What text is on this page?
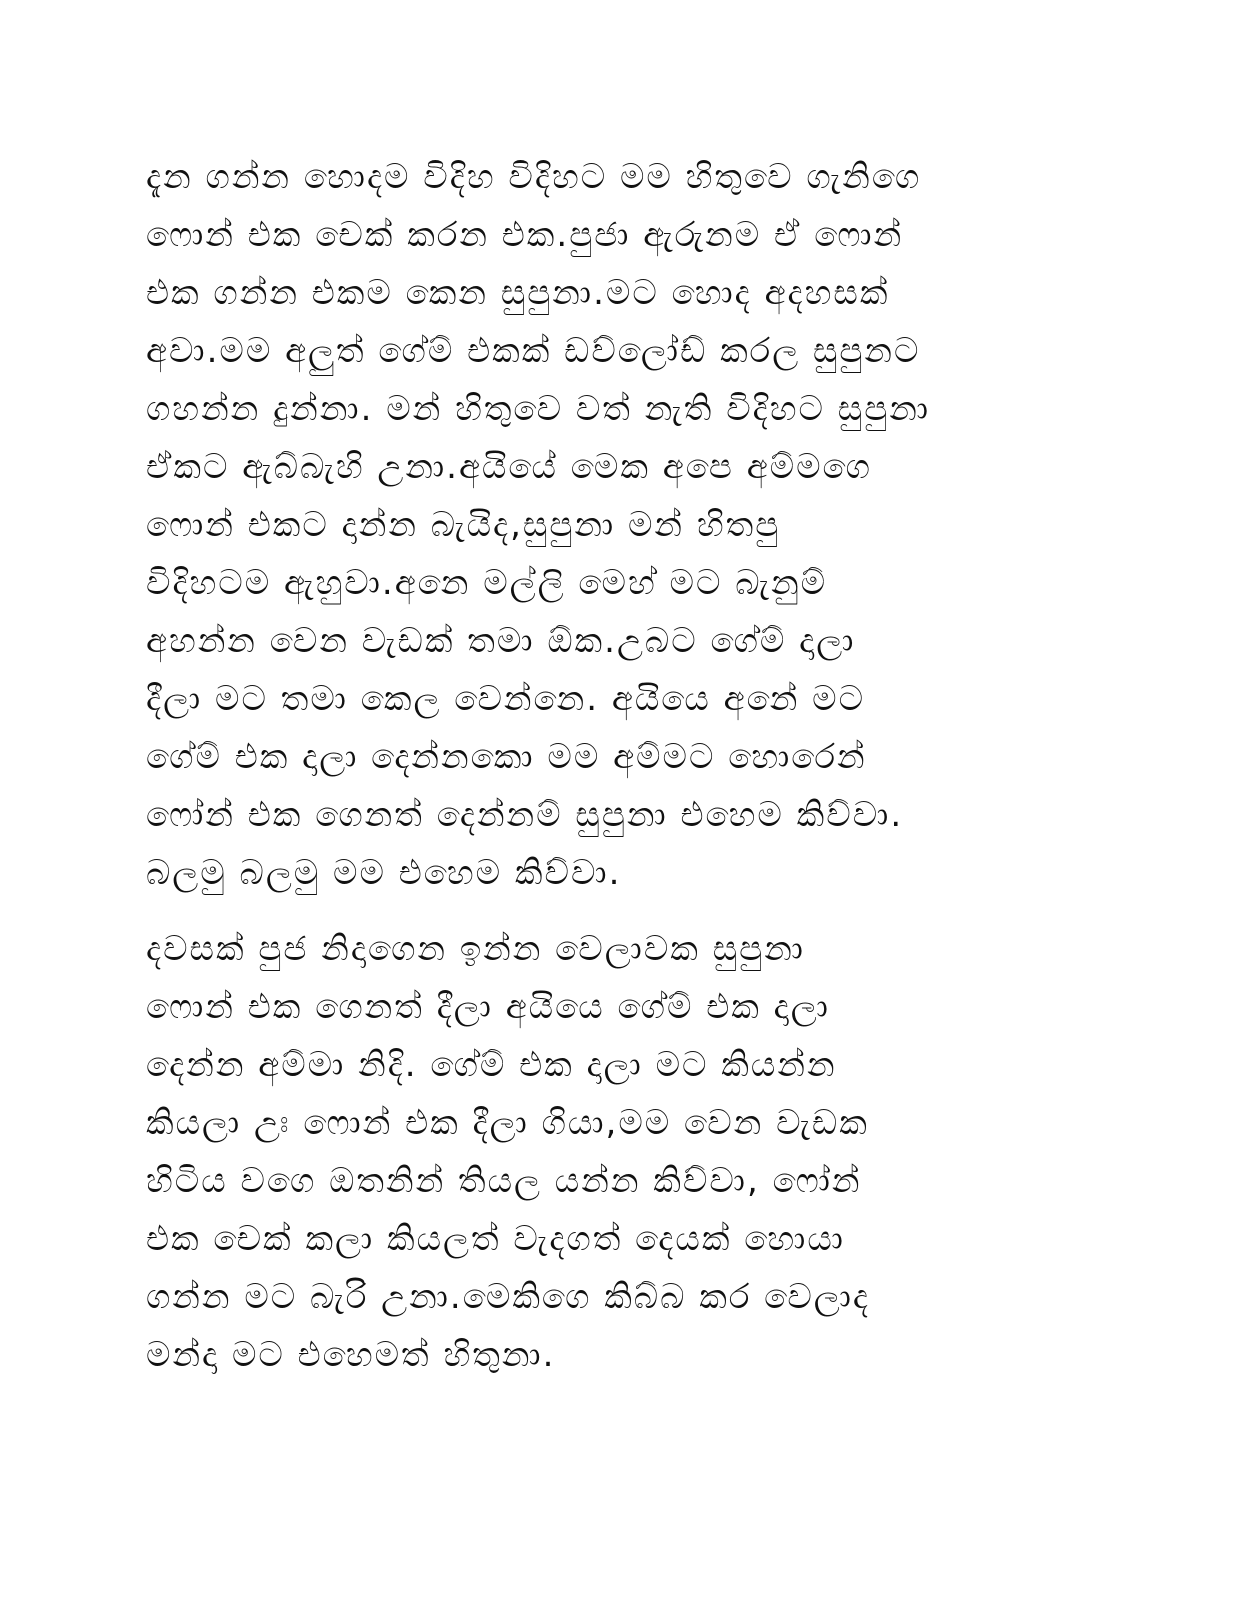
දැන ගන්න හොදම විදිහ විදිහට මම හිතුවෙ ගැනිගෙ
ෆොන් එක චෙක් කරන එක.පුජා ඇරුනම ඒ ෆොන්
එක ගන්න එකම කෙන සුපුනා.මට හොද අදහසක්
අවා.මම අලුත් ගේම් එකක් ඩව්ලෝඩ් කරල සුපුනට
ගහන්න දුන්නා. මන් හිතුවෙ වත් නැති විදිහට සුපුනා
ඒකට ඇබ්බැහි උනා.අයියේ මෙක අපෙ අම්මගෙ
ෆොන් එකට දාන්න බැයිද,සුපුනා මන් හිතපු
විදිහටම ඇහුවා.අනෙ මල්ලි මෙහ් මට බැනුම්
අහන්න වෙන වැඩක් තමා ඕක.උබට ගේම් දාලා
දීලා මට තමා කෙල වෙන්නෙ. අයියෙ අනේ මට
ගේම් එක දාලා දෙන්නකො මම අම්මට හොරෙන්
ෆෝන් එක ගෙනත් දෙන්නම් සුපුනා එහෙම කිව්වා.
බලමු බලමු මම එහෙම කිව්වා.
දවසක් පුජ නිදාගෙන ඉන්න වෙලාවක සුපුනා
ෆොන් එක ගෙනත් දීලා අයියෙ ගේම් එක දාලා
දෙන්න අම්මා නිදි. ගේම් එක දාලා මට කියන්න
කියලා උඃ ෆොන් එක දීලා ගියා,මම වෙන වැඩක
හිටිය වගෙ ඔතනින් තියල යන්න කිව්වා, ෆෝන්
එක චෙක් කලා කියලත් වැදගත් දෙයක් හොයා
ගන්න මට බැරි උනා.මෙකිගෙ කිබ්බ කර වෙලාද
මන්දා මට එහෙමත් හිතුනා.
